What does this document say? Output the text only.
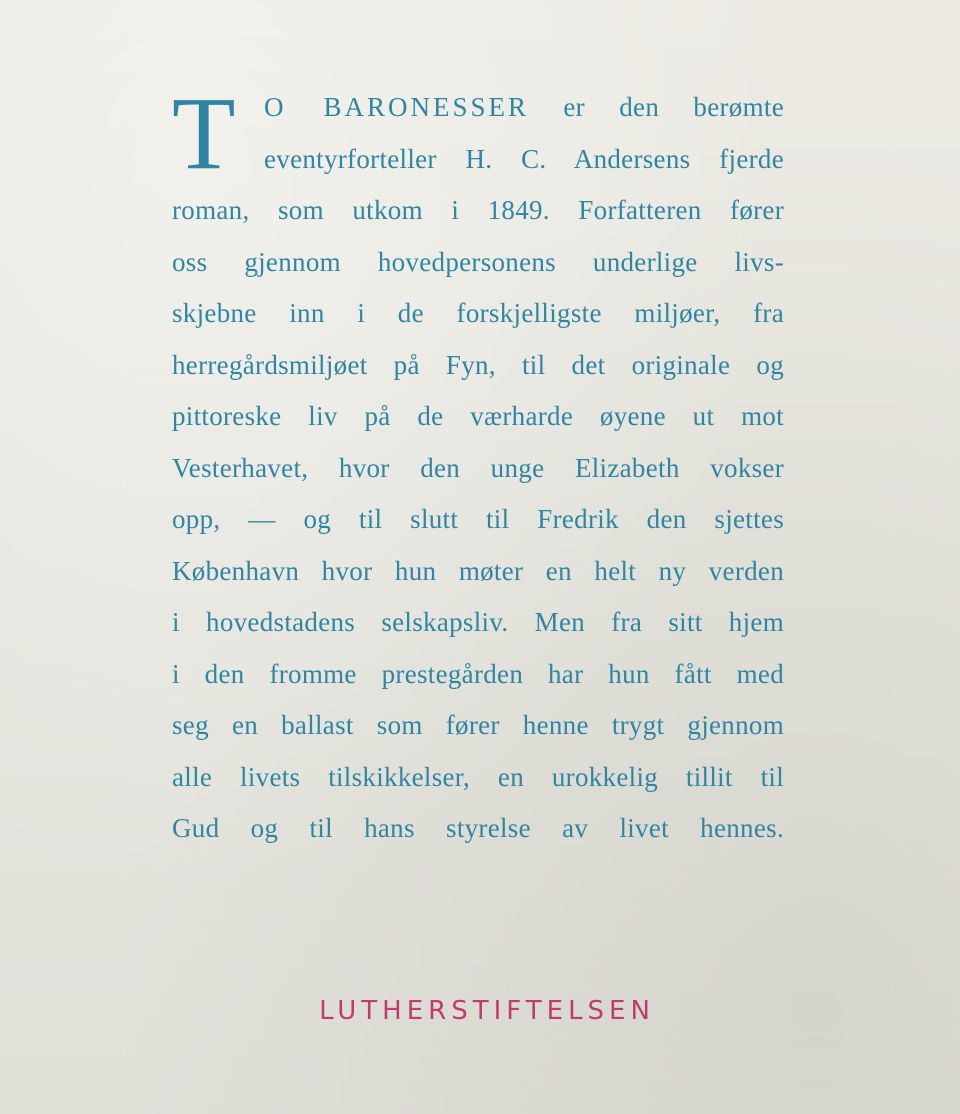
T O BARONESSER er den berømte
eventyrforteller H. C. Andersens fjerde
roman, som utkom i 1849. Forfatteren fører
oss gjennom hovedpersonens underlige livs-
skjebne inn i de forskjelligste miljøer, fra
herregårdsmiljøet på Fyn, til det originale og
pittoreske liv på de værharde øyene ut mot
Vesterhavet, hvor den unge Elizabeth vokser
opp, — og til slutt til Fredrik den sjettes
København hvor hun møter en helt ny verden
i hovedstadens selskapsliv. Men fra sitt hjem
i den fromme prestegården har hun fått med
seg en ballast som fører henne trygt gjennom
alle livets tilskikkelser, en urokkelig tillit til
Gud og til hans styrelse av livet hennes.
LUTHERSTIFTELSEN
